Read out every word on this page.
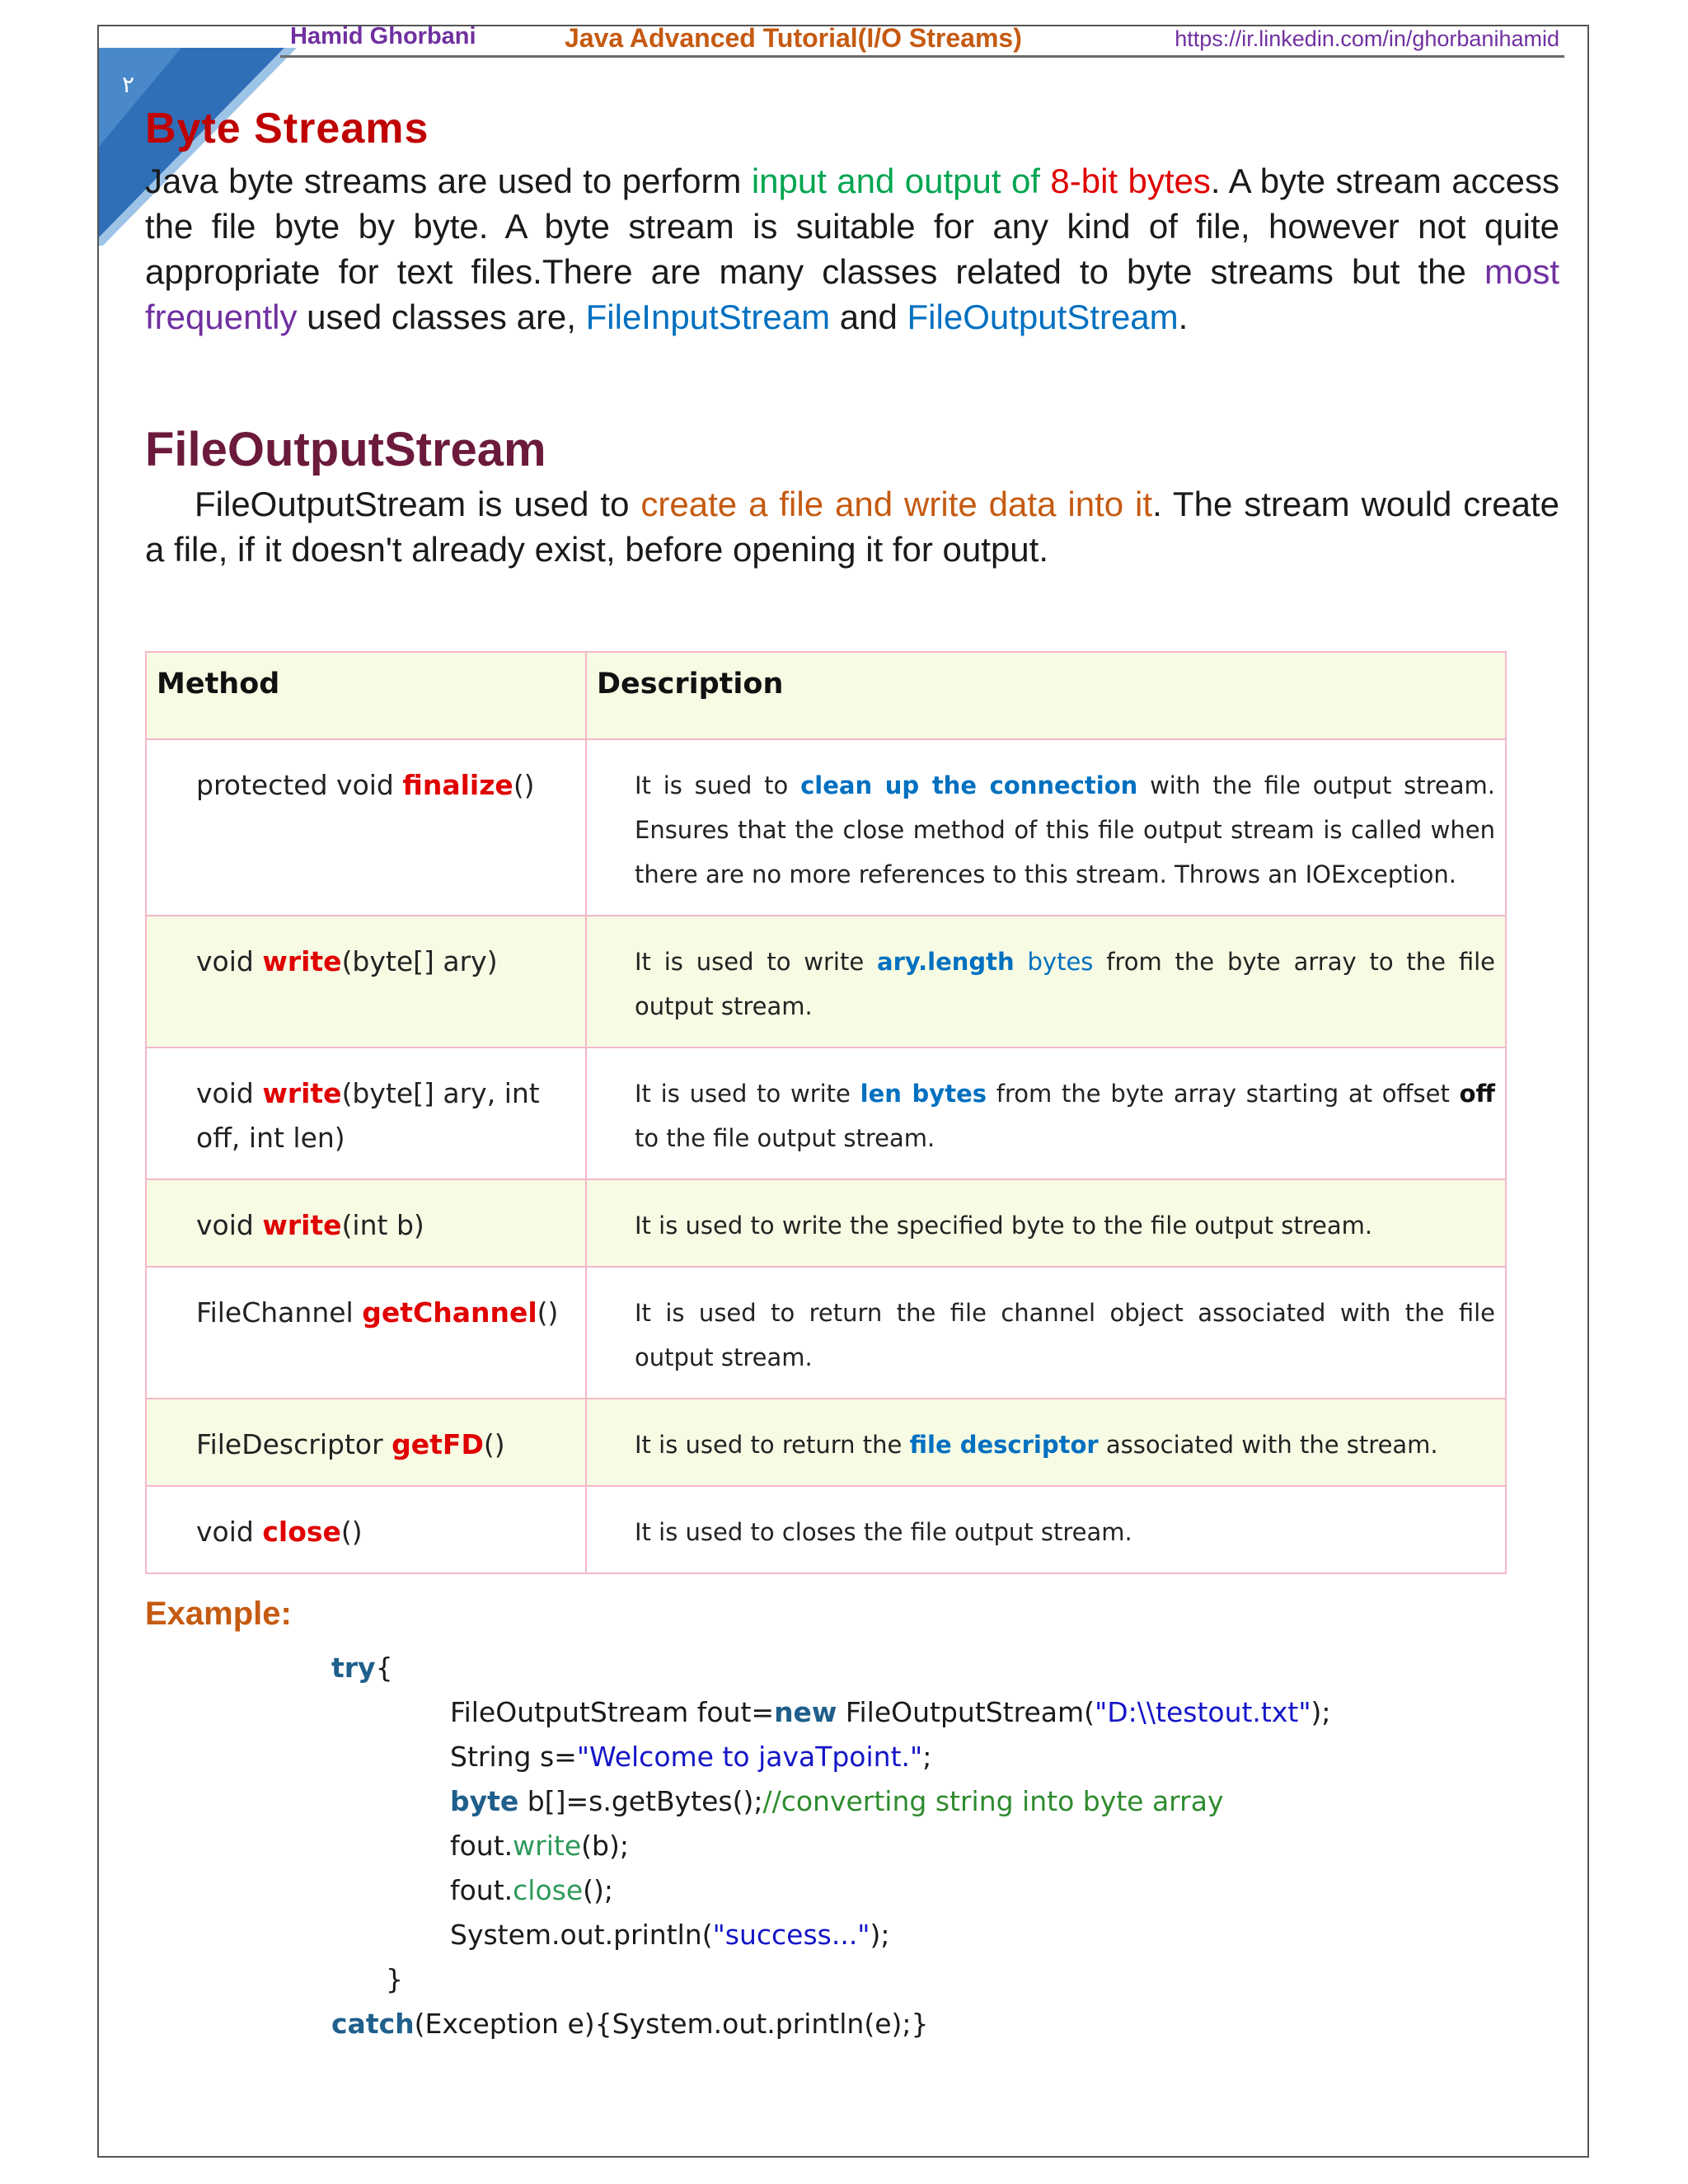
٢
Hamid Ghorbani	Java Advanced Tutorial(I/O Streams)	https://ir.linkedin.com/in/ghorbanihamid
Byte Streams

Java byte streams are used to perform input and output of 8-bit bytes. A byte stream access the file byte by byte. A byte stream is suitable for any kind of file, however not quite appropriate for text files.There are many classes related to byte streams but the most frequently used classes are, FileInputStream and FileOutputStream.

FileOutputStream

FileOutputStream is used to create a file and write data into it. The stream would create a file, if it doesn't already exist, before opening it for output.

Method	Description
protected void finalize()	It is sued to clean up the connection with the file output stream. Ensures that the close method of this file output stream is called when there are no more references to this stream. Throws an IOException.
void write(byte[] ary)	It is used to write ary.length bytes from the byte array to the file output stream.
void write(byte[] ary, int off, int len)	It is used to write len bytes from the byte array starting at offset off to the file output stream.
void write(int b)	It is used to write the specified byte to the file output stream.
FileChannel getChannel()	It is used to return the file channel object associated with the file output stream.
FileDescriptor getFD()	It is used to return the file descriptor associated with the stream.
void close()	It is used to closes the file output stream.
Example:
try{
FileOutputStream fout=new FileOutputStream("D:\\testout.txt");
String s="Welcome to javaTpoint.";
byte b[]=s.getBytes();//converting string into byte array
fout.write(b);
fout.close();
System.out.println("success...");
}
catch(Exception e){System.out.println(e);}
